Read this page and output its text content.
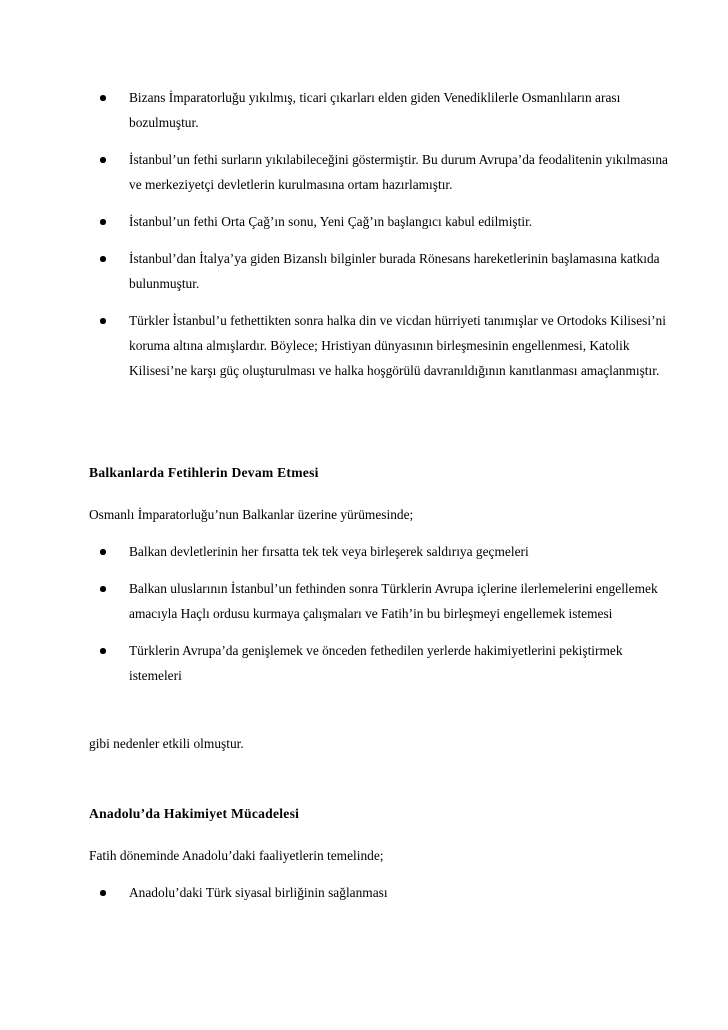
Bizans İmparatorluğu yıkılmış, ticari çıkarları elden giden Venediklilerle Osmanlıların arası bozulmuştur.
İstanbul’un fethi surların yıkılabileceğini göstermiştir. Bu durum Avrupa’da feodalitenin yıkılmasına ve merkeziyetçi devletlerin kurulmasına ortam hazırlamıştır.
İstanbul’un fethi Orta Çağ’ın sonu, Yeni Çağ’ın başlangıcı kabul edilmiştir.
İstanbul’dan İtalya’ya giden Bizanslı bilginler burada Rönesans hareketlerinin başlamasına katkıda bulunmuştur.
Türkler İstanbul’u fethettikten sonra halka din ve vicdan hürriyeti tanımışlar ve Ortodoks Kilisesi’ni koruma altına almışlardır. Böylece; Hristiyan dünyasının birleşmesinin engellenmesi, Katolik Kilisesi’ne karşı güç oluşturulması ve halka hoşgörülü davranıldığının kanıtlanması amaçlanmıştır.
Balkanlarda Fetihlerin Devam Etmesi

Osmanlı İmparatorluğu’nun Balkanlar üzerine yürümesinde;

Balkan devletlerinin her fırsatta tek tek veya birleşerek saldırıya geçmeleri
Balkan uluslarının İstanbul’un fethinden sonra Türklerin Avrupa içlerine ilerlemelerini engellemek amacıyla Haçlı ordusu kurmaya çalışmaları ve Fatih’in bu birleşmeyi engellemek istemesi
Türklerin Avrupa’da genişlemek ve önceden fethedilen yerlerde hakimiyetlerini pekiştirmek istemeleri

gibi nedenler etkili olmuştur.

Anadolu’da Hakimiyet Mücadelesi

Fatih döneminde Anadolu’daki faaliyetlerin temelinde;

Anadolu’daki Türk siyasal birliğinin sağlanması
